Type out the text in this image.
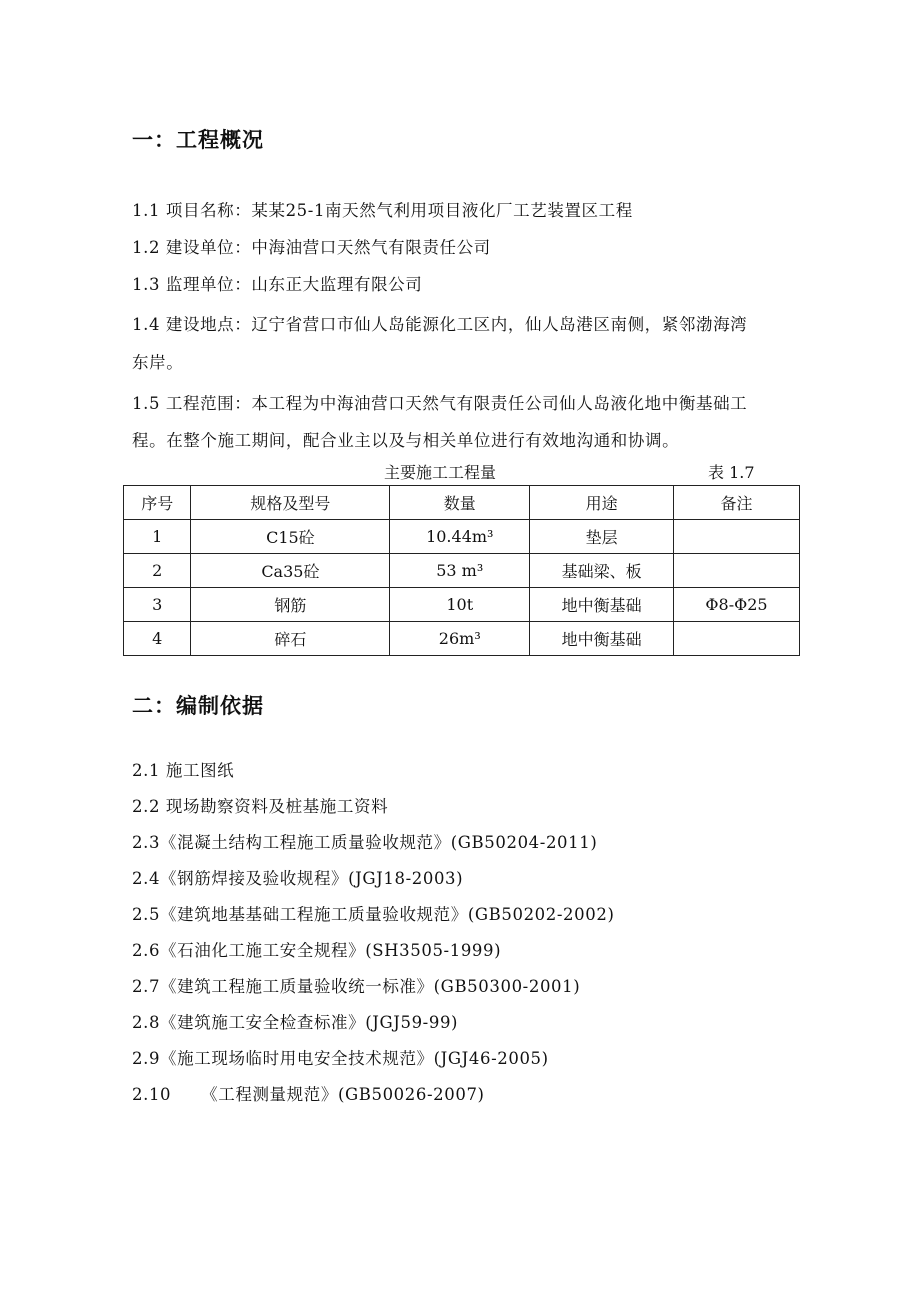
一：工程概况
1.1 项目名称：某某25-1南天然气利用项目液化厂工艺装置区工程
1.2 建设单位：中海油营口天然气有限责任公司
1.3 监理单位：山东正大监理有限公司
1.4 建设地点：辽宁省营口市仙人岛能源化工区内，仙人岛港区南侧，紧邻渤海湾
东岸。
1.5 工程范围：本工程为中海油营口天然气有限责任公司仙人岛液化地中衡基础工
程。在整个施工期间，配合业主以及与相关单位进行有效地沟通和协调。
主要施工工程量	表 1.7
序号	规格及型号	数量	用途	备注
1	C15砼	10.44m³	垫层	
2	Ca35砼	53 m³	基础梁、板	
3	钢筋	10t	地中衡基础	Φ8-Φ25
4	碎石	26m³	地中衡基础	
二：编制依据
2.1 施工图纸
2.2 现场勘察资料及桩基施工资料
2.3《混凝土结构工程施工质量验收规范》(GB50204-2011)
2.4《钢筋焊接及验收规程》(JGJ18-2003)
2.5《建筑地基基础工程施工质量验收规范》(GB50202-2002)
2.6《石油化工施工安全规程》(SH3505-1999)
2.7《建筑工程施工质量验收统一标准》(GB50300-2001)
2.8《建筑施工安全检查标准》(JGJ59-99)
2.9《施工现场临时用电安全技术规范》(JGJ46-2005)
2.10 《工程测量规范》(GB50026-2007)
